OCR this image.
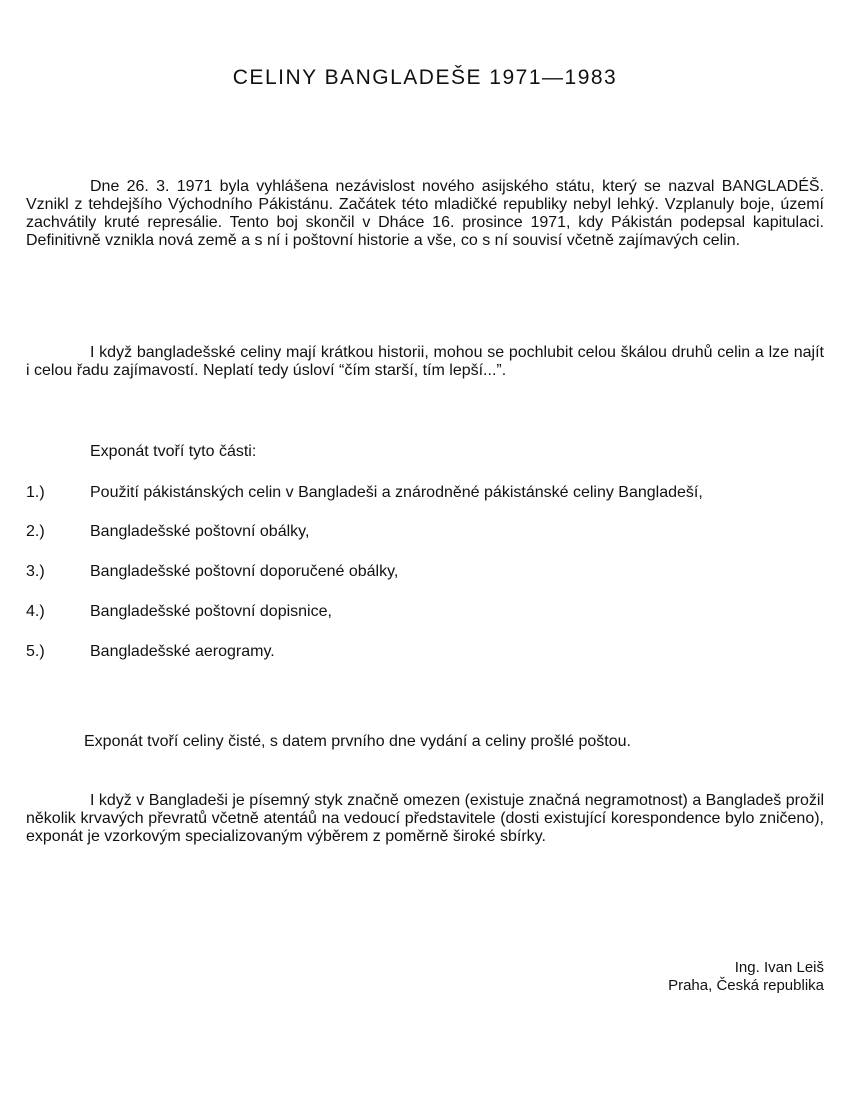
CELINY BANGLADEŠE 1971—1983

Dne 26. 3. 1971 byla vyhlášena nezávislost nového asijského státu, který se nazval BANGLADÉŠ. Vznikl z tehdejšího Východního Pákistánu. Začátek této mladičké republiky nebyl lehký. Vzplanuly boje, území zachvátily kruté represálie. Tento boj skončil v Dháce 16. prosince 1971, kdy Pákistán podepsal kapitulaci. Definitivně vznikla nová země a s ní i poštovní historie a vše, co s ní souvisí včetně zajímavých celin.

I když bangladešské celiny mají krátkou historii, mohou se pochlubit celou škálou druhů celin a lze najít i celou řadu zajímavostí. Neplatí tedy úsloví “čím starší, tím lepší...”.

Exponát tvoří tyto části:

1.)	Použití pákistánských celin v Bangladeši a znárodněné pákistánské celiny Bangladeší,
2.)	Bangladešské poštovní obálky,
3.)	Bangladešské poštovní doporučené obálky,
4.)	Bangladešské poštovní dopisnice,
5.)	Bangladešské aerogramy.

Exponát tvoří celiny čisté, s datem prvního dne vydání a celiny prošlé poštou.

I když v Bangladeši je písemný styk značně omezen (existuje značná negramotnost) a Bangladeš prožil několik krvavých převratů včetně atentáů na vedoucí představitele (dosti existující korespondence bylo zničeno), exponát je vzorkovým specializovaným výběrem z poměrně široké sbírky.

Ing. Ivan Leiš
Praha, Česká republika
